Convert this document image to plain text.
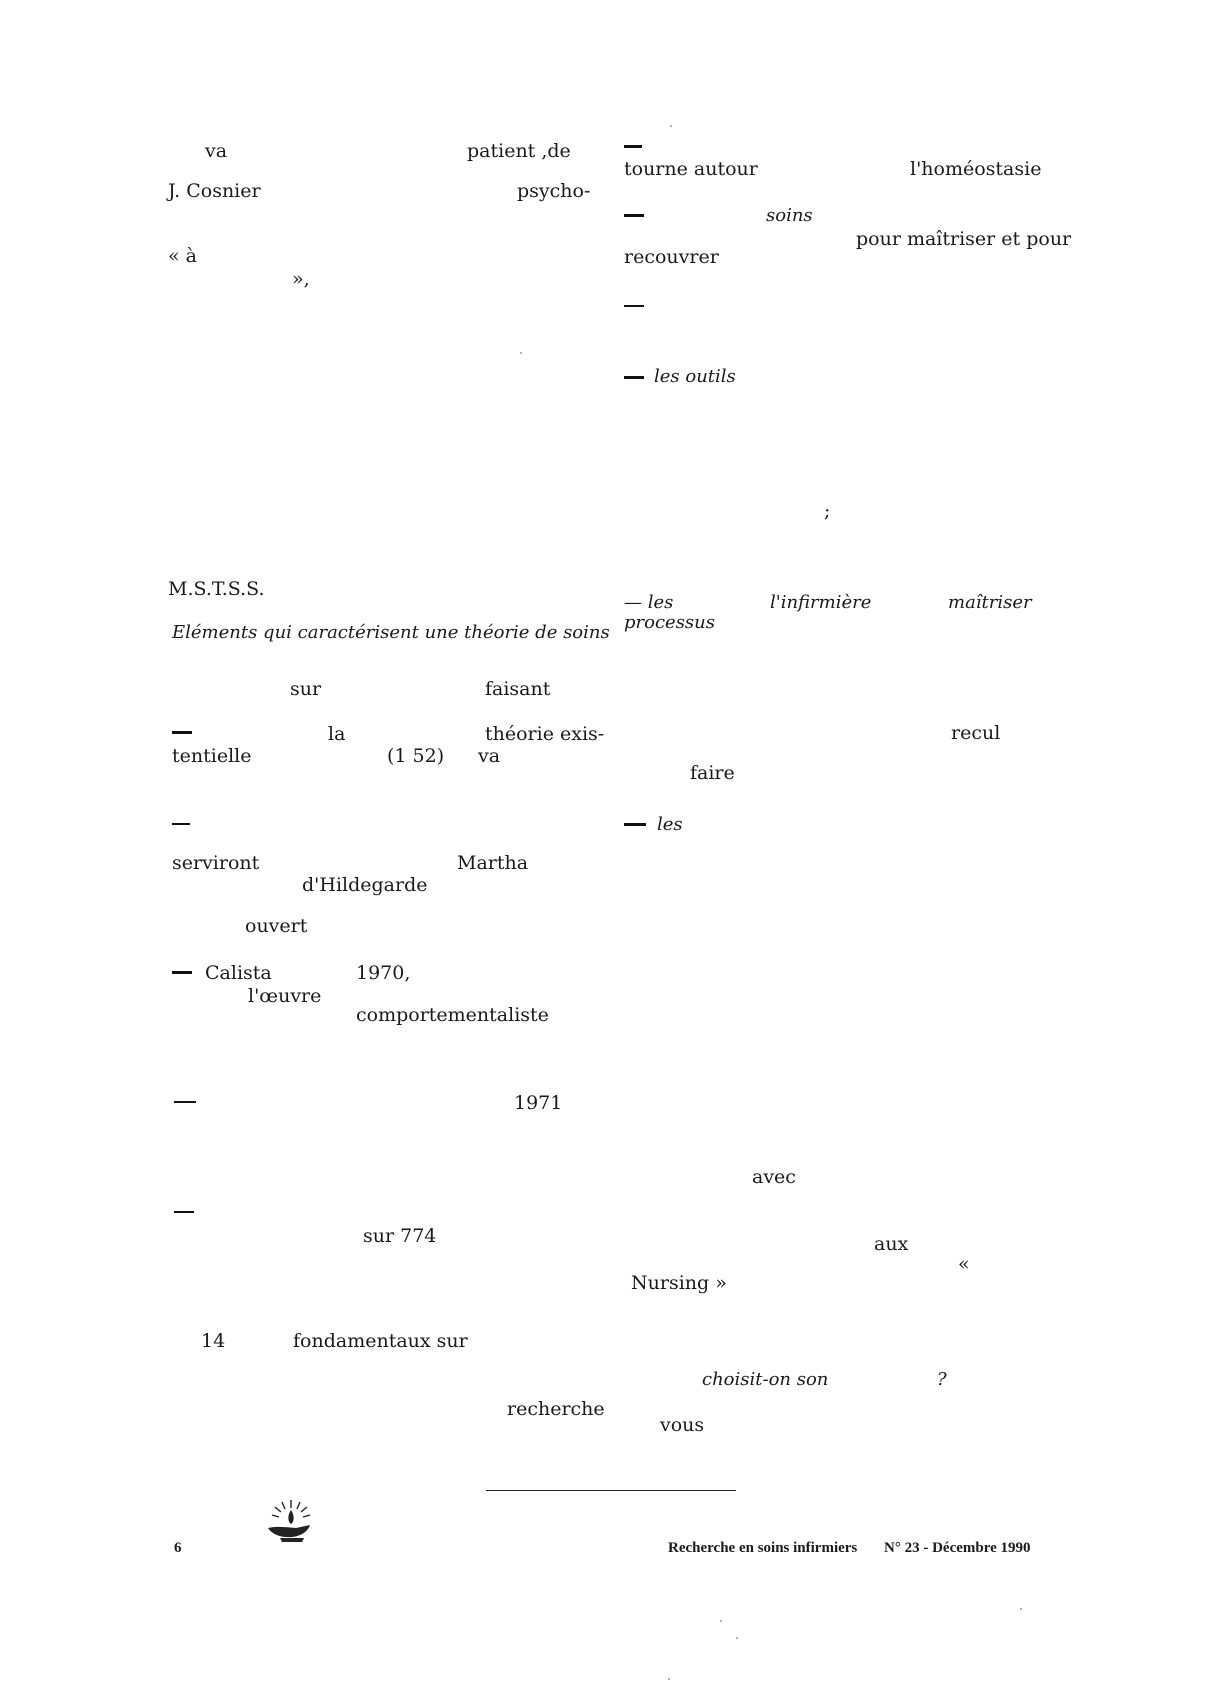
va	patient ,de
J. Cosnier	psycho-
« à
»,
M.S.T.S.S.
Eléments qui caractérisent une théorie de soins
sur	faisant
la	théorie exis-
tentielle	(1 52) va
serviront	Martha
d'Hildegarde
ouvert
Calista	1970,
l'œuvre
comportementaliste
1971
sur 774
14	fondamentaux sur
recherche
tourne autour	l'homéostasie
soins
pour maîtriser et pour
recouvrer
les outils
;
— les	l'infirmière	maîtriser
processus
recul
faire
les
avec
aux
«
Nursing »
choisit-on son	?
vous
6	Recherche en soins infirmiers N° 23 - Décembre 1990
